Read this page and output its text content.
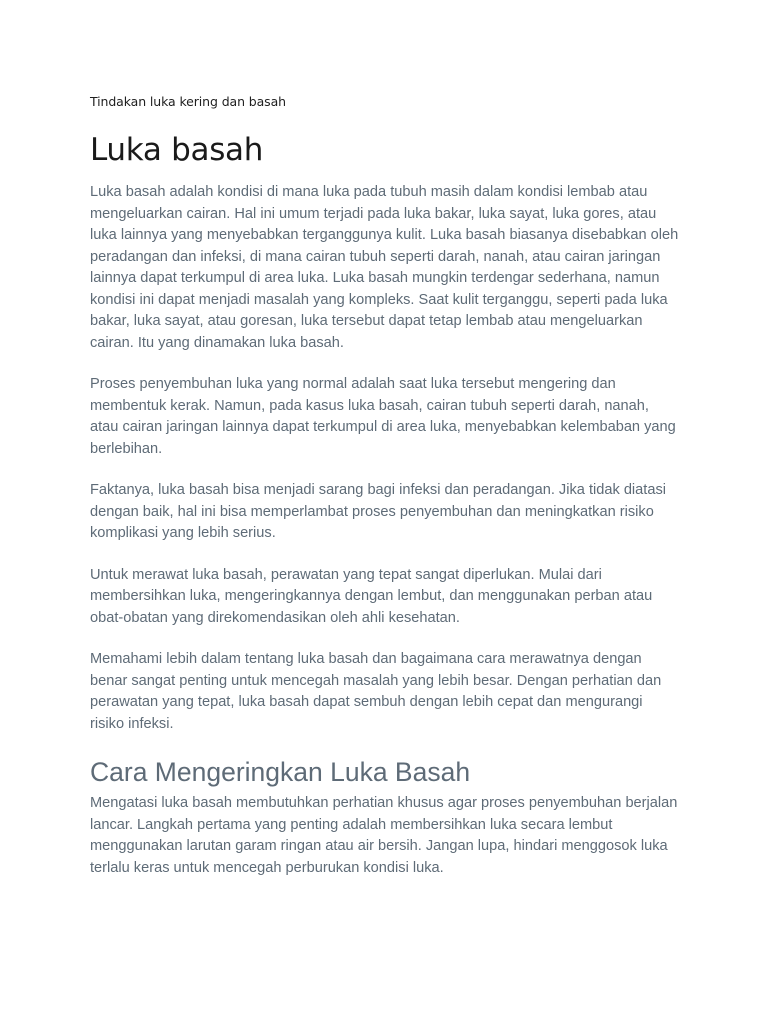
Tindakan luka kering dan basah
Luka basah

Luka basah adalah kondisi di mana luka pada tubuh masih dalam kondisi lembab atau mengeluarkan cairan. Hal ini umum terjadi pada luka bakar, luka sayat, luka gores, atau luka lainnya yang menyebabkan terganggunya kulit. Luka basah biasanya disebabkan oleh peradangan dan infeksi, di mana cairan tubuh seperti darah, nanah, atau cairan jaringan lainnya dapat terkumpul di area luka. Luka basah mungkin terdengar sederhana, namun kondisi ini dapat menjadi masalah yang kompleks. Saat kulit terganggu, seperti pada luka bakar, luka sayat, atau goresan, luka tersebut dapat tetap lembab atau mengeluarkan cairan. Itu yang dinamakan luka basah.

Proses penyembuhan luka yang normal adalah saat luka tersebut mengering dan membentuk kerak. Namun, pada kasus luka basah, cairan tubuh seperti darah, nanah, atau cairan jaringan lainnya dapat terkumpul di area luka, menyebabkan kelembaban yang berlebihan.

Faktanya, luka basah bisa menjadi sarang bagi infeksi dan peradangan. Jika tidak diatasi dengan baik, hal ini bisa memperlambat proses penyembuhan dan meningkatkan risiko komplikasi yang lebih serius.

Untuk merawat luka basah, perawatan yang tepat sangat diperlukan. Mulai dari membersihkan luka, mengeringkannya dengan lembut, dan menggunakan perban atau obat-obatan yang direkomendasikan oleh ahli kesehatan.

Memahami lebih dalam tentang luka basah dan bagaimana cara merawatnya dengan benar sangat penting untuk mencegah masalah yang lebih besar. Dengan perhatian dan perawatan yang tepat, luka basah dapat sembuh dengan lebih cepat dan mengurangi risiko infeksi.

Cara Mengeringkan Luka Basah

Mengatasi luka basah membutuhkan perhatian khusus agar proses penyembuhan berjalan lancar. Langkah pertama yang penting adalah membersihkan luka secara lembut menggunakan larutan garam ringan atau air bersih. Jangan lupa, hindari menggosok luka terlalu keras untuk mencegah perburukan kondisi luka.
